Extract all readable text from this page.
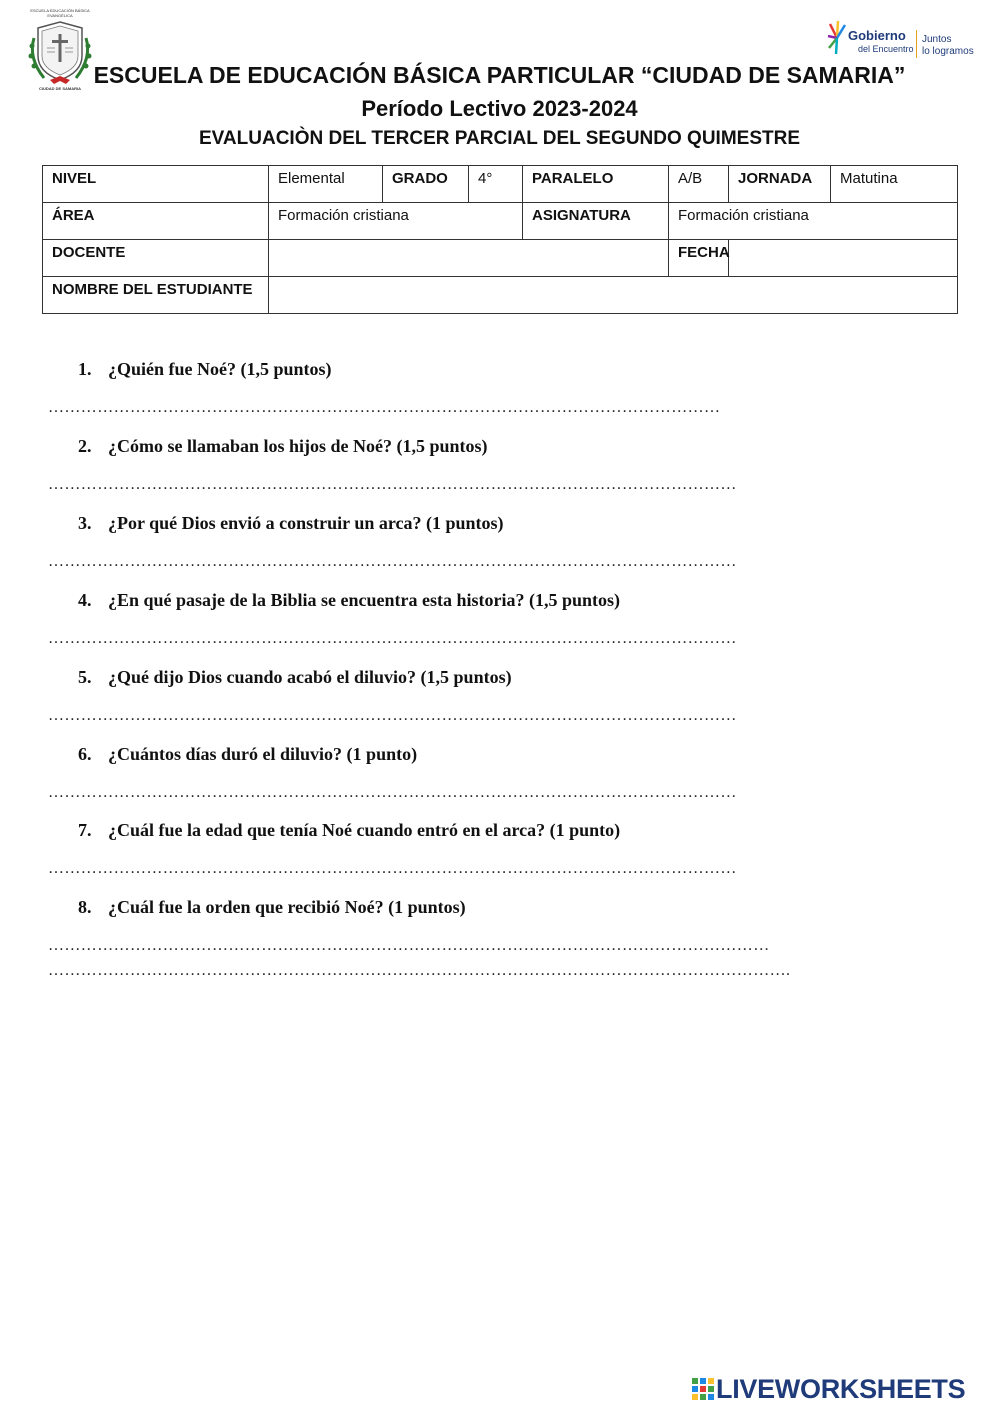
ESCUELA EDUCACIÓN BÁSICA EVANGÉLICA
CIUDAD DE SAMARIA
Gobierno
del Encuentro
Juntos
lo logramos
ESCUELA DE EDUCACIÓN BÁSICA PARTICULAR “CIUDAD DE SAMARIA”
Período Lectivo 2023-2024
EVALUACIÒN DEL TERCER PARCIAL DEL SEGUNDO QUIMESTRE
NIVEL	Elemental	GRADO	4°	PARALELO	A/B	JORNADA	Matutina
ÁREA	Formación cristiana			ASIGNATURA	Formación cristiana		
DOCENTE					FECHA		
NOMBRE DEL ESTUDIANTE							
1. ¿Quién fue Noé? (1,5 puntos)
……………………………………………………………………………………………………………
2. ¿Cómo se llamaban los hijos de Noé? (1,5 puntos)
………………………………………………………………………………………………………………
3. ¿Por qué Dios envió a construir un arca? (1 puntos)
………………………………………………………………………………………………………………
4. ¿En qué pasaje de la Biblia se encuentra esta historia? (1,5 puntos)
………………………………………………………………………………………………………………
5. ¿Qué dijo Dios cuando acabó el diluvio? (1,5 puntos)
………………………………………………………………………………………………………………
6. ¿Cuántos días duró el diluvio? (1 punto)
………………………………………………………………………………………………………………
7. ¿Cuál fue la edad que tenía Noé cuando entró en el arca? (1 punto)
………………………………………………………………………………………………………………
8. ¿Cuál fue la orden que recibió Noé? (1 puntos)
……………………………………………………………………………………………………………………
……………………………………………………………………………………………………………………….
LIVEWORKSHEETS
